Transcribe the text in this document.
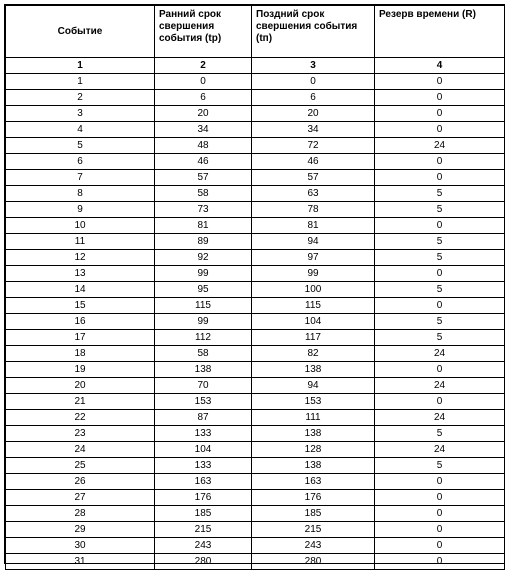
Событие	Ранний срок свершения события (tр)	Поздний срок свершения события (tп)	Резерв времени (R)
1	2	3	4
1	0	0	0
2	6	6	0
3	20	20	0
4	34	34	0
5	48	72	24
6	46	46	0
7	57	57	0
8	58	63	5
9	73	78	5
10	81	81	0
11	89	94	5
12	92	97	5
13	99	99	0
14	95	100	5
15	115	115	0
16	99	104	5
17	112	117	5
18	58	82	24
19	138	138	0
20	70	94	24
21	153	153	0
22	87	111	24
23	133	138	5
24	104	128	24
25	133	138	5
26	163	163	0
27	176	176	0
28	185	185	0
29	215	215	0
30	243	243	0
31	280	280	0
